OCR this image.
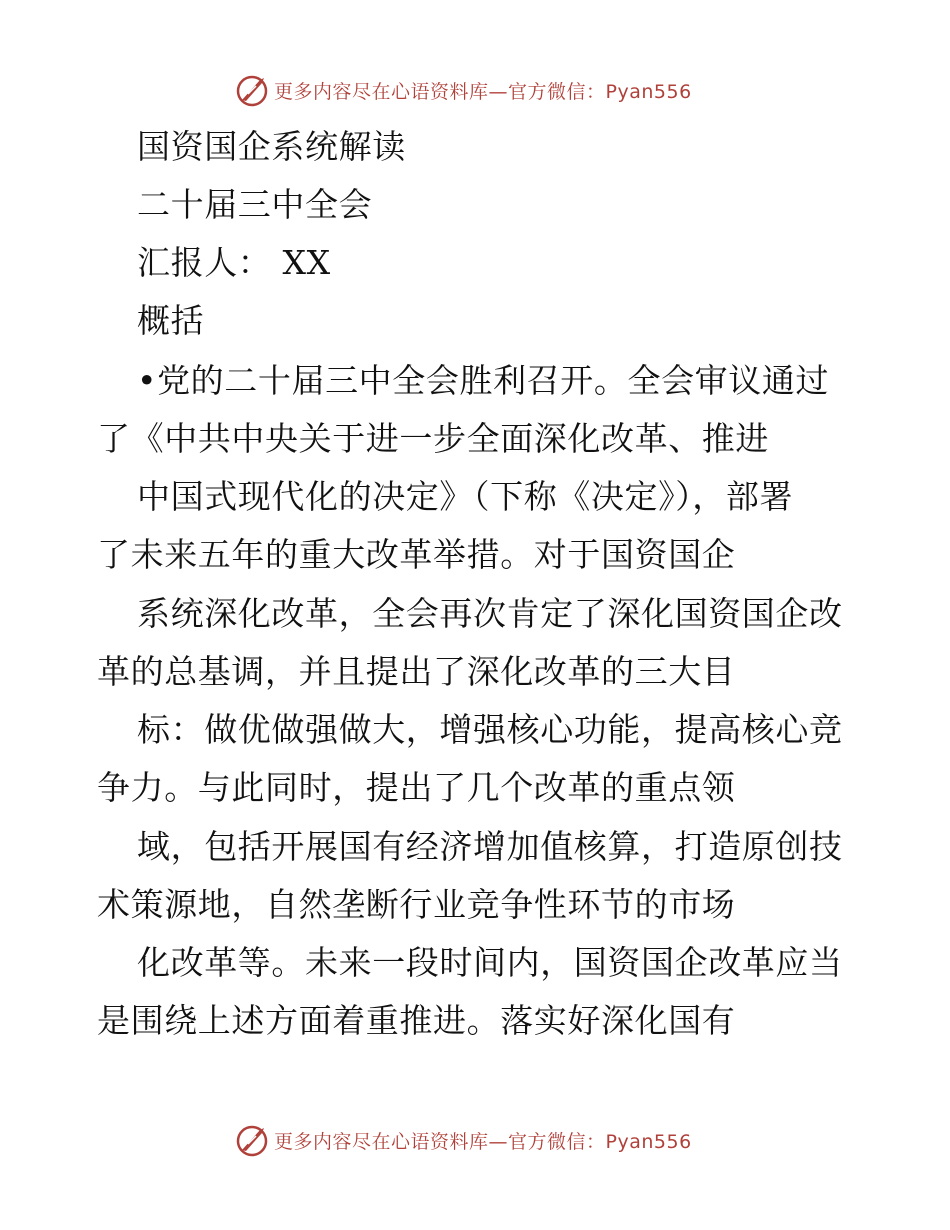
更多内容尽在心语资料库—官方微信：Pyan556
国资国企系统解读
二十届三中全会
汇报人： XX
概括
•党的二十届三中全会胜利召开。全会审议通过
了《中共中央关于进一步全面深化改革、推进
中国式现代化的决定》（下称《决定》），部署
了未来五年的重大改革举措。对于国资国企
系统深化改革，全会再次肯定了深化国资国企改
革的总基调，并且提出了深化改革的三大目
标：做优做强做大，增强核心功能，提高核心竞
争力。与此同时，提出了几个改革的重点领
域，包括开展国有经济增加值核算，打造原创技
术策源地，自然垄断行业竞争性环节的市场
化改革等。未来一段时间内，国资国企改革应当
是围绕上述方面着重推进。落实好深化国有
更多内容尽在心语资料库—官方微信：Pyan556
